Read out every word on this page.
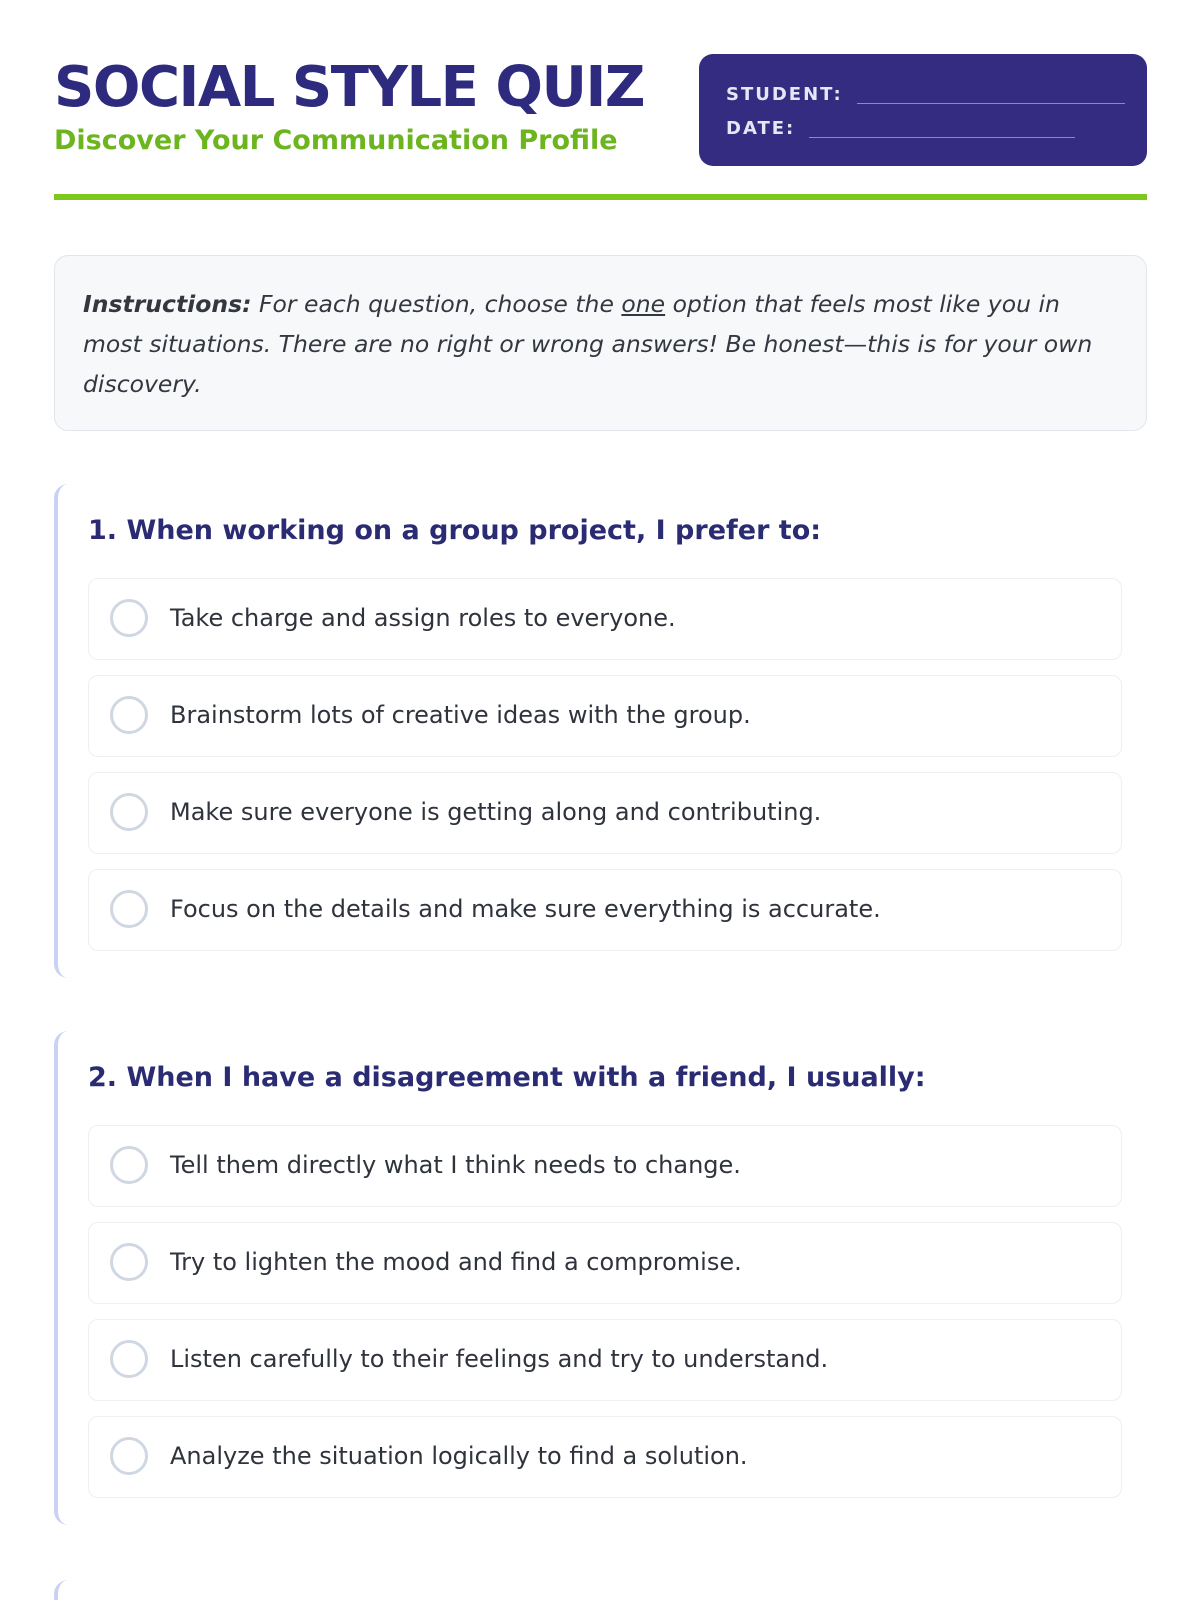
SOCIAL STYLE QUIZ
Discover Your Communication Profile
STUDENT:
DATE:
Instructions: For each question, choose the one option that feels most like you in most situations. There are no right or wrong answers! Be honest—this is for your own discovery.
1. When working on a group project, I prefer to:
Take charge and assign roles to everyone.
Brainstorm lots of creative ideas with the group.
Make sure everyone is getting along and contributing.
Focus on the details and make sure everything is accurate.
2. When I have a disagreement with a friend, I usually:
Tell them directly what I think needs to change.
Try to lighten the mood and find a compromise.
Listen carefully to their feelings and try to understand.
Analyze the situation logically to find a solution.
